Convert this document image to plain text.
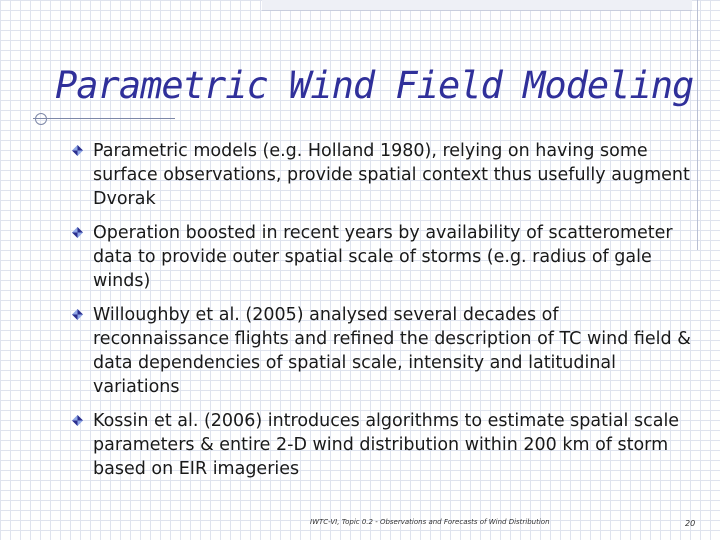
Parametric Wind Field Modeling
Parametric models (e.g. Holland 1980), relying on having some surface observations, provide spatial context thus usefully augment Dvorak
Operation boosted in recent years by availability of scatterometer data to provide outer spatial scale of storms (e.g. radius of gale winds)
Willoughby et al. (2005) analysed several decades of reconnaissance flights and refined the description of TC wind field & data dependencies of spatial scale, intensity and latitudinal variations
Kossin et al. (2006) introduces algorithms to estimate spatial scale parameters & entire 2-D wind distribution within 200 km of storm based on EIR imageries
IWTC-VI, Topic 0.2 - Observations and Forecasts of Wind Distribution	20
